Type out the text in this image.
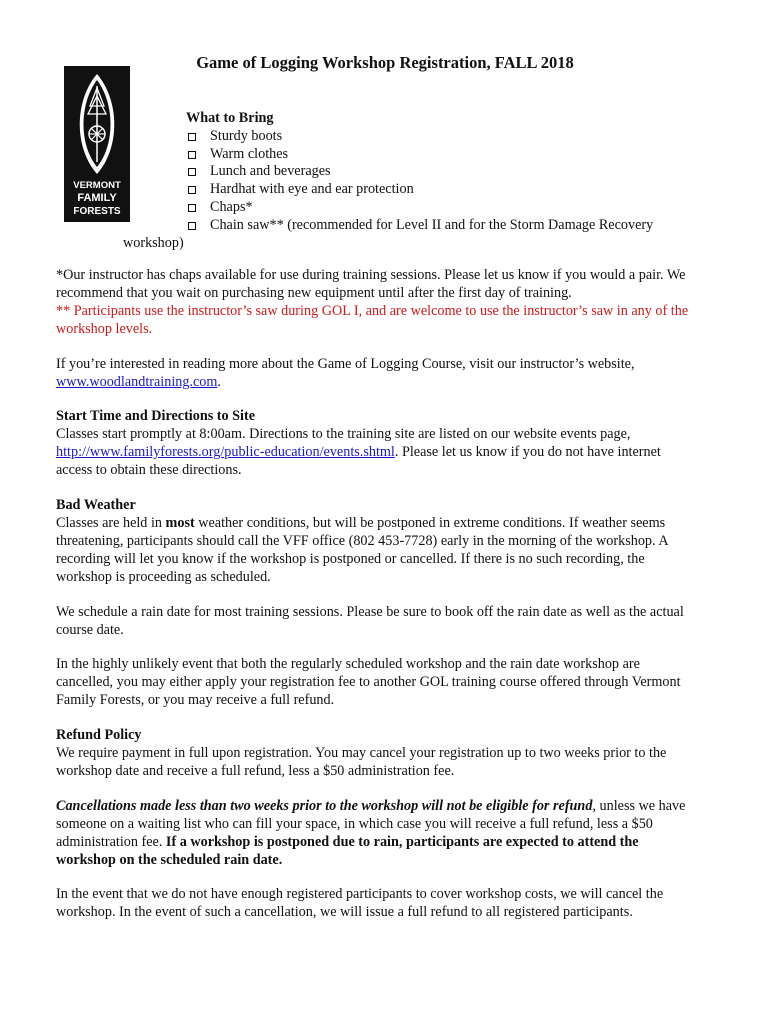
Game of Logging Workshop Registration, FALL 2018
VERMONT
FAMILY
FORESTS
What to Bring
Sturdy boots
Warm clothes
Lunch and beverages
Hardhat with eye and ear protection
Chaps*
Chain saw** (recommended for Level II and for the Storm Damage Recovery
workshop)

*Our instructor has chaps available for use during training sessions. Please let us know if you would a pair. We recommend that you wait on purchasing new equipment until after the first day of training.
** Participants use the instructor’s saw during GOL I, and are welcome to use the instructor’s saw in any of the workshop levels.

If you’re interested in reading more about the Game of Logging Course, visit our instructor’s website, www.woodlandtraining.com.

Start Time and Directions to Site
Classes start promptly at 8:00am. Directions to the training site are listed on our website events page, http://www.familyforests.org/public-education/events.shtml. Please let us know if you do not have internet access to obtain these directions.

Bad Weather
Classes are held in most weather conditions, but will be postponed in extreme conditions. If weather seems threatening, participants should call the VFF office (802 453-7728) early in the morning of the workshop. A recording will let you know if the workshop is postponed or cancelled. If there is no such recording, the workshop is proceeding as scheduled.

We schedule a rain date for most training sessions. Please be sure to book off the rain date as well as the actual course date.

In the highly unlikely event that both the regularly scheduled workshop and the rain date workshop are cancelled, you may either apply your registration fee to another GOL training course offered through Vermont Family Forests, or you may receive a full refund.

Refund Policy
We require payment in full upon registration. You may cancel your registration up to two weeks prior to the workshop date and receive a full refund, less a $50 administration fee.

Cancellations made less than two weeks prior to the workshop will not be eligible for refund, unless we have someone on a waiting list who can fill your space, in which case you will receive a full refund, less a $50 administration fee. If a workshop is postponed due to rain, participants are expected to attend the workshop on the scheduled rain date.

In the event that we do not have enough registered participants to cover workshop costs, we will cancel the workshop. In the event of such a cancellation, we will issue a full refund to all registered participants.
